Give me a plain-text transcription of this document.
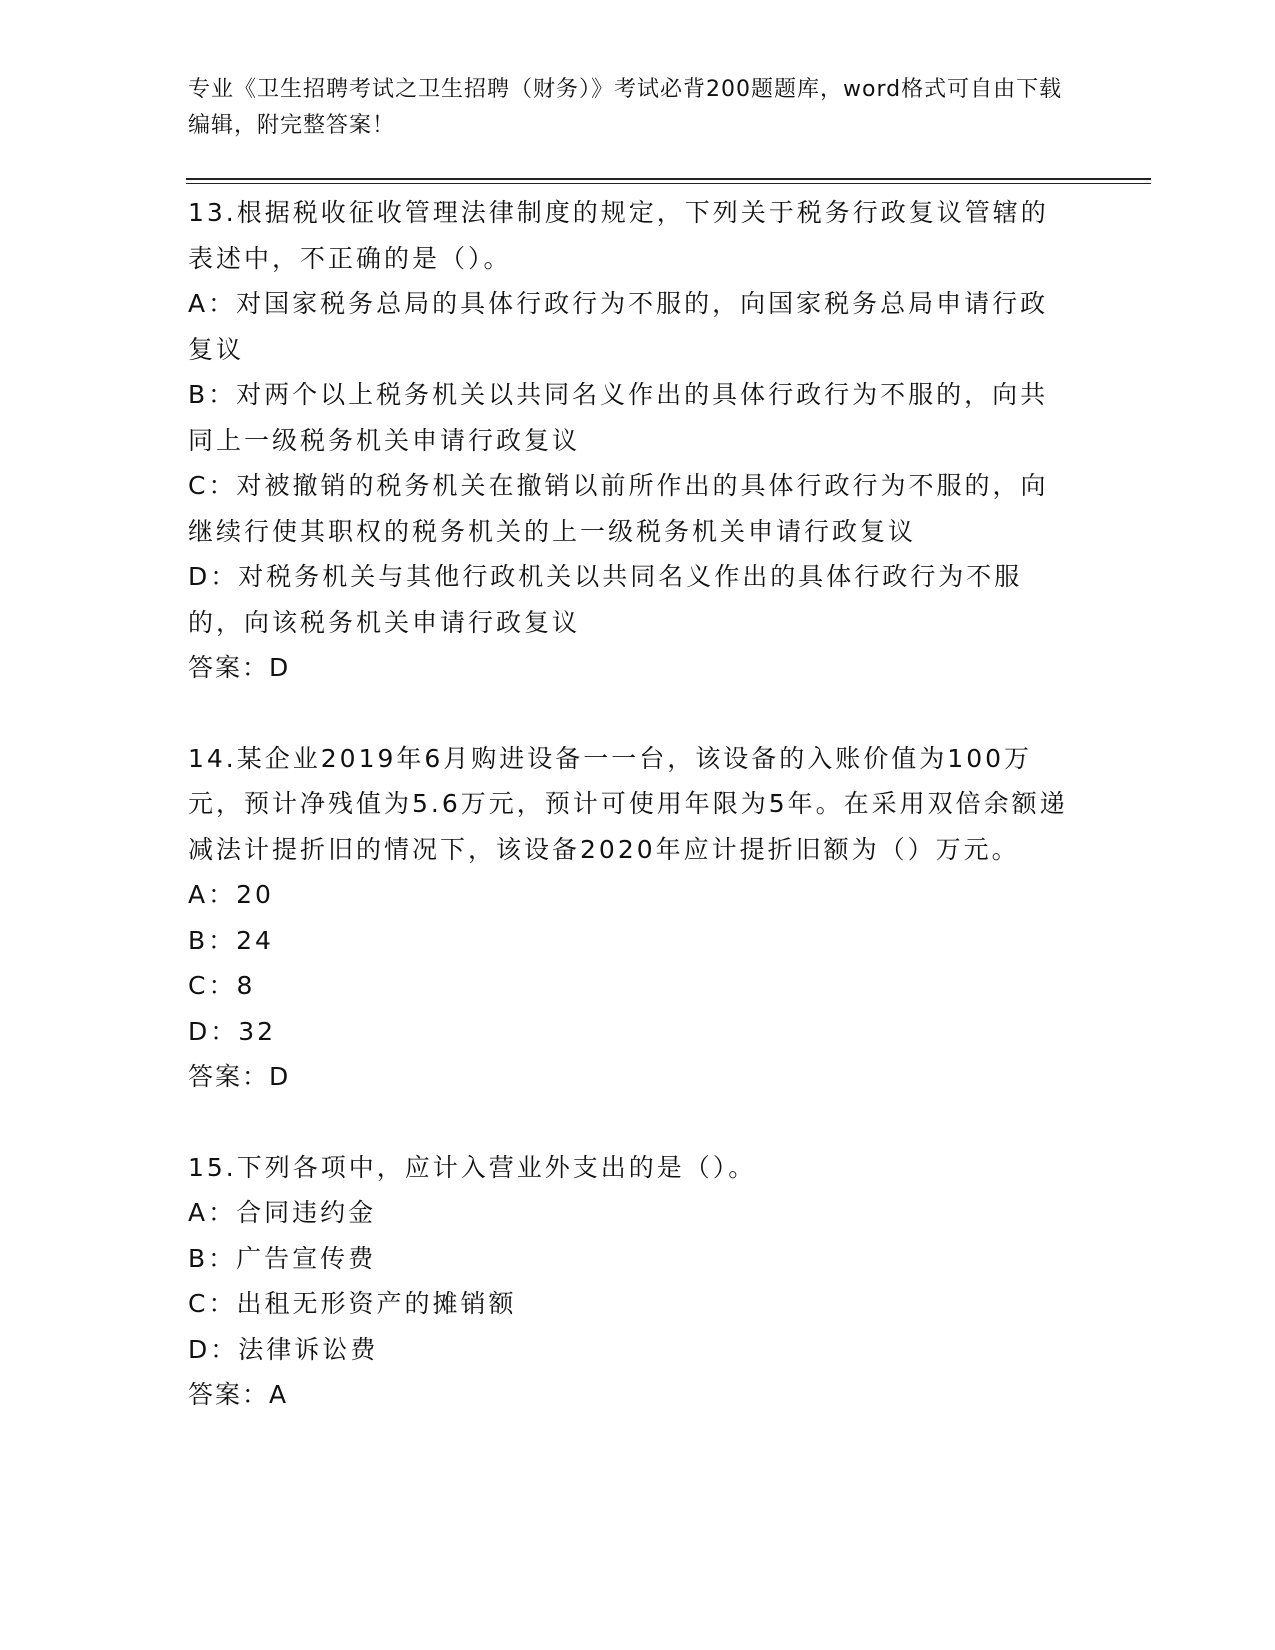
专业《卫生招聘考试之卫生招聘（财务）》考试必背200题题库，word格式可自由下载编辑，附完整答案！

13.根据税收征收管理法律制度的规定，下列关于税务行政复议管辖的表述中，不正确的是（）。

A：对国家税务总局的具体行政行为不服的，向国家税务总局申请行政复议

B：对两个以上税务机关以共同名义作出的具体行政行为不服的，向共同上一级税务机关申请行政复议

C：对被撤销的税务机关在撤销以前所作出的具体行政行为不服的，向继续行使其职权的税务机关的上一级税务机关申请行政复议

D：对税务机关与其他行政机关以共同名义作出的具体行政行为不服的，向该税务机关申请行政复议

答案：D

14.某企业2019年6月购进设备一一台，该设备的入账价值为100万元，预计净残值为5.6万元，预计可使用年限为5年。在采用双倍余额递减法计提折旧的情况下，该设备2020年应计提折旧额为（）万元。

A：20

B：24

C：8

D：32

答案：D

15.下列各项中，应计入营业外支出的是（）。

A：合同违约金

B：广告宣传费

C：出租无形资产的摊销额

D：法律诉讼费

答案：A
